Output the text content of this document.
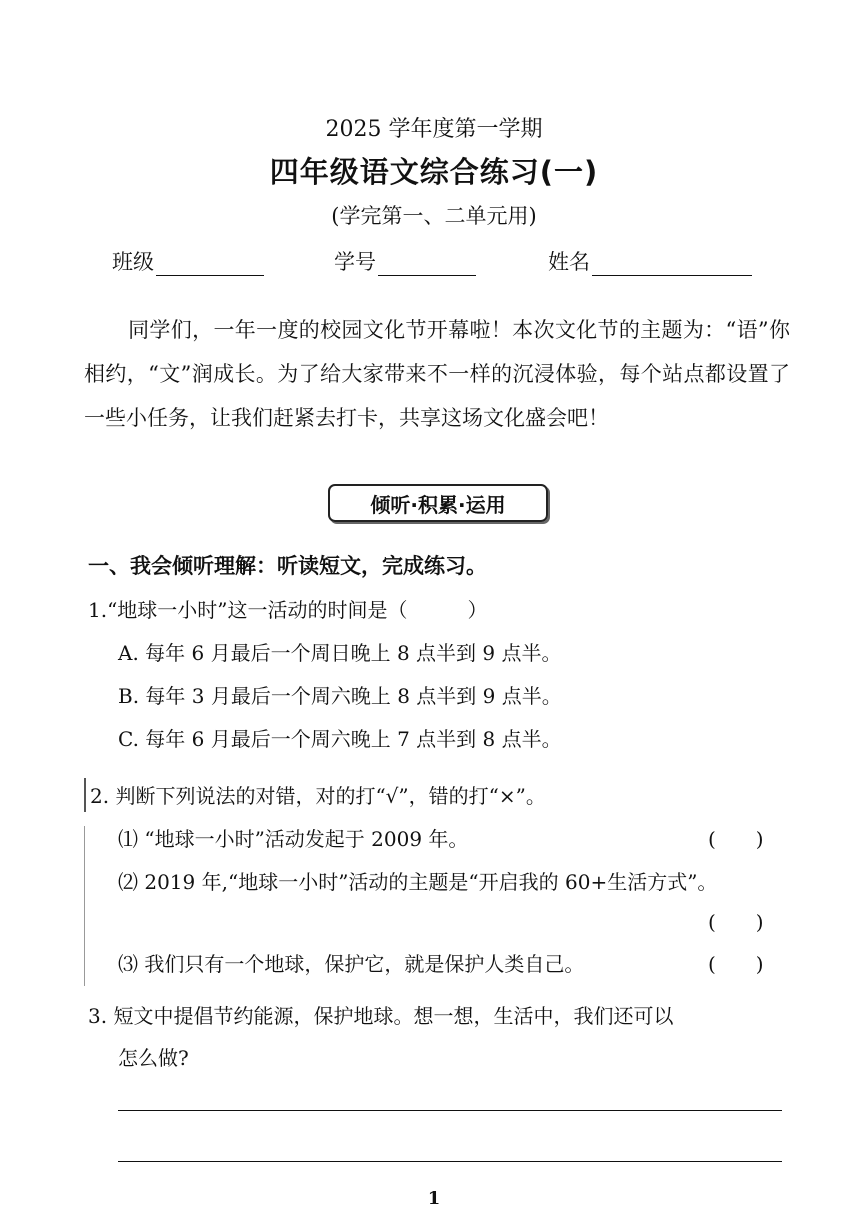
2025 学年度第一学期
四年级语文综合练习(一)
(学完第一、二单元用)
班级	学号	姓名

同学们，一年一度的校园文化节开幕啦！本次文化节的主题为：“语”你相约，“文”润成长。为了给大家带来不一样的沉浸体验，每个站点都设置了一些小任务，让我们赶紧去打卡，共享这场文化盛会吧！

倾听·积累·运用
一、我会倾听理解：听读短文，完成练习。
1.“地球一小时”这一活动的时间是（　　　）
A. 每年 6 月最后一个周日晚上 8 点半到 9 点半。
B. 每年 3 月最后一个周六晚上 8 点半到 9 点半。
C. 每年 6 月最后一个周六晚上 7 点半到 8 点半。
2. 判断下列说法的对错，对的打“√”，错的打“×”。
⑴ “地球一小时”活动发起于 2009 年。	(　　)
⑵ 2019 年,“地球一小时”活动的主题是“开启我的 60+生活方式”。
(　　)
⑶ 我们只有一个地球，保护它，就是保护人类自己。	(　　)
3. 短文中提倡节约能源，保护地球。想一想，生活中，我们还可以
怎么做?
1
